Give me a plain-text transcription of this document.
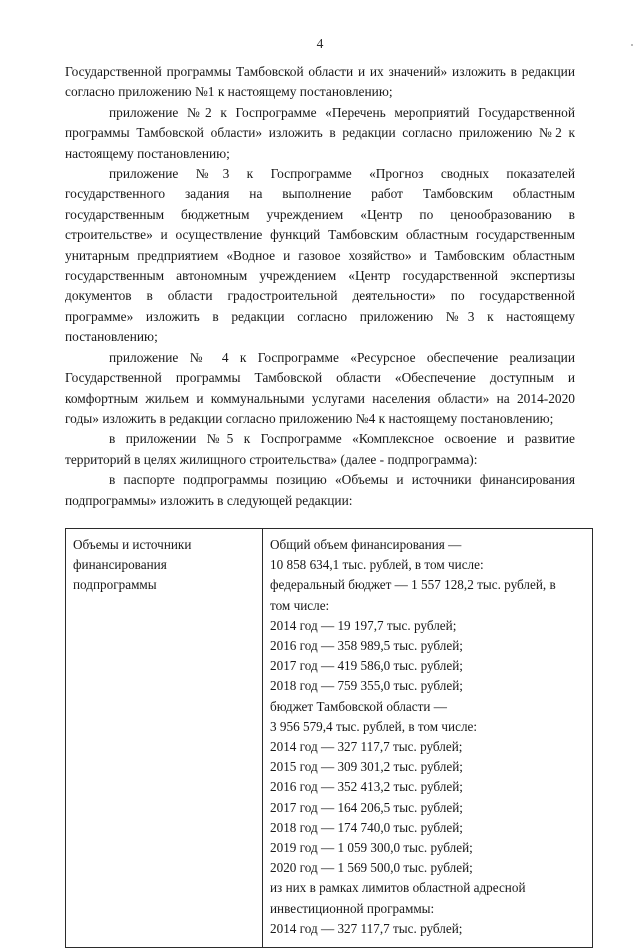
4

Государственной программы Тамбовской области и их значений» изложить в редакции согласно приложению №1 к настоящему постановлению;

приложение №2 к Госпрограмме «Перечень мероприятий Государственной программы Тамбовской области» изложить в редакции согласно приложению №2 к настоящему постановлению;

приложение №3 к Госпрограмме «Прогноз сводных показателей государственного задания на выполнение работ Тамбовским областным государственным бюджетным учреждением «Центр по ценообразованию в строительстве» и осуществление функций Тамбовским областным государственным унитарным предприятием «Водное и газовое хозяйство» и Тамбовским областным государственным автономным учреждением «Центр государственной экспертизы документов в области градостроительной деятельности» по государственной программе» изложить в редакции согласно приложению №3 к настоящему постановлению;

приложение № 4 к Госпрограмме «Ресурсное обеспечение реализации Государственной программы Тамбовской области «Обеспечение доступным и комфортным жильем и коммунальными услугами населения области» на 2014-2020 годы» изложить в редакции согласно приложению №4 к настоящему постановлению;

в приложении №5 к Госпрограмме «Комплексное освоение и развитие территорий в целях жилищного строительства» (далее - подпрограмма):

в паспорте подпрограммы позицию «Объемы и источники финансирования подпрограммы» изложить в следующей редакции:

Объемы и источники
финансирования
подпрограммы

Общий объем финансирования —
10 858 634,1 тыс. рублей, в том числе:
федеральный бюджет — 1 557 128,2 тыс. рублей, в
том числе:
2014 год — 19 197,7 тыс. рублей;
2016 год — 358 989,5 тыс. рублей;
2017 год — 419 586,0 тыс. рублей;
2018 год — 759 355,0 тыс. рублей;
бюджет Тамбовской области —
3 956 579,4 тыс. рублей, в том числе:
2014 год — 327 117,7 тыс. рублей;
2015 год — 309 301,2 тыс. рублей;
2016 год — 352 413,2 тыс. рублей;
2017 год — 164 206,5 тыс. рублей;
2018 год — 174 740,0 тыс. рублей;
2019 год — 1 059 300,0 тыс. рублей;
2020 год — 1 569 500,0 тыс. рублей;
из них в рамках лимитов областной адресной
инвестиционной программы:
2014 год — 327 117,7 тыс. рублей;
